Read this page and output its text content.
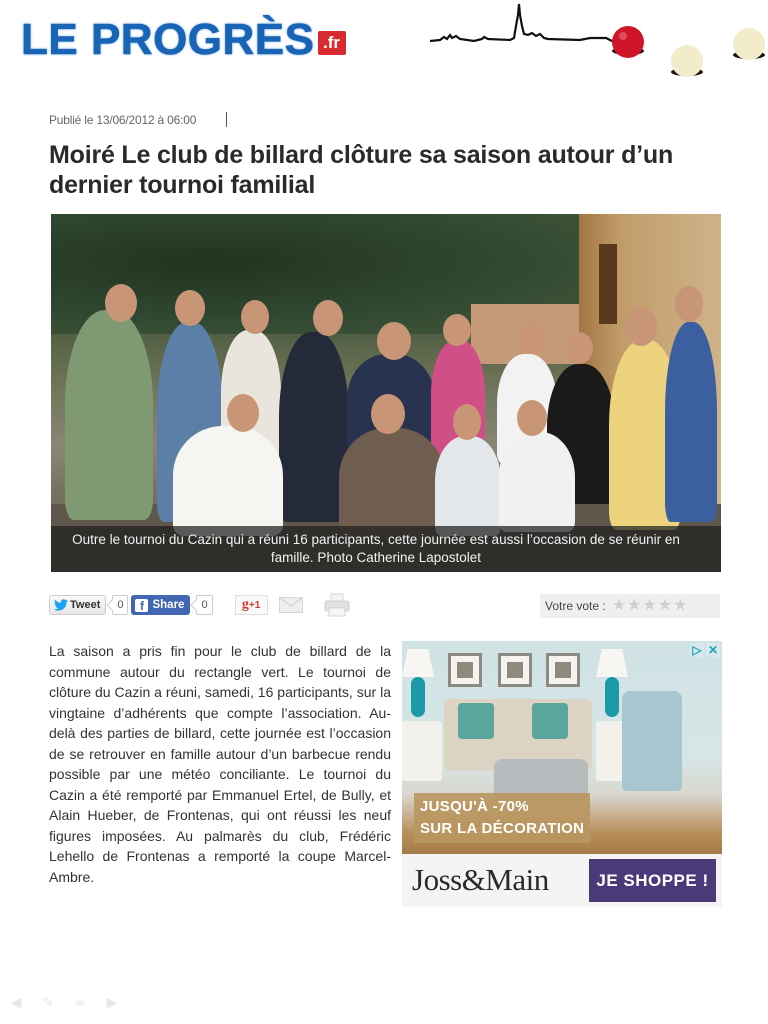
LE PROGRÈS .fr
Publié le 13/06/2012 à 06:00
Moiré Le club de billard clôture sa saison autour d’un dernier tournoi familial
Outre le tournoi du Cazin qui a réuni 16 participants, cette journée est aussi l’occasion de se réunir en famille. Photo Catherine Lapostolet
Tweet	0	f Share	0	g+1	Votre vote : ★ ★ ★ ★ ★

La saison a pris fin pour le club de billard de la commune autour du rectangle vert. Le tournoi de clôture du Cazin a réuni, samedi, 16 participants, sur la vingtaine d’adhérents que compte l’association. Au-delà des parties de billard, cette journée est l’occasion de se retrouver en famille autour d’un barbecue rendu possible par une météo conciliante. Le tournoi du Cazin a été remporté par Emmanuel Ertel, de Bully, et Alain Hueber, de Frontenas, qui ont réussi les neuf figures imposées. Au palmarès du club, Frédéric Lehello de Frontenas a remporté la coupe Marcel-Ambre.

JUSQU'À -70%
SUR LA DÉCORATION
▷ ✕
Joss&Main	JE SHOPPE !
◀ ✎ ≡ ▶
